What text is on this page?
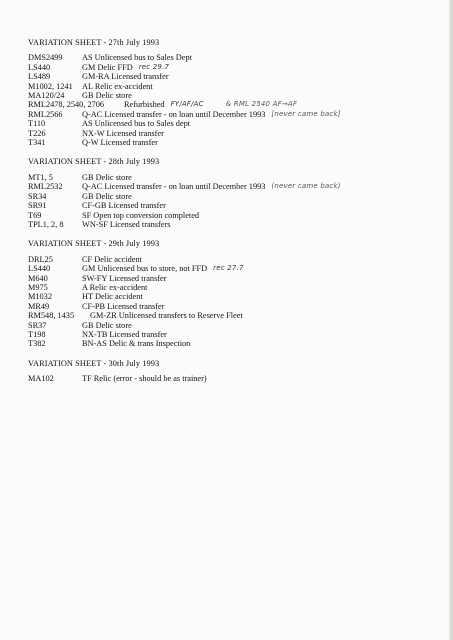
VARIATION SHEET - 27th July 1993
DMS2499	AS Unlicensed bus to Sales Dept
LS440	GM Delic FFD rec 29.7
LS489	GM-RA Licensed transfer
M1002, 1241	AL Relic ex-accident
MA120/24	GB Delic store
RML2478, 2540, 2706	Refurbished FY/AF/AC	& RML 2540 AF→AF
RML2566	Q-AC Licensed transfer - on loan until December 1993 [never came back]
T110	AS Unlicensed bus to Sales dept
T226	NX-W Licensed transfer
T341	Q-W Licensed transfer
VARIATION SHEET - 28th July 1993
MT1, 5	GB Delic store
RML2532	Q-AC Licensed transfer - on loan until December 1993 (never came back)
SR34	GB Delic store
SR91	CF-GB Licensed transfer
T69	SF Open top conversion completed
TPL1, 2, 8	WN-SF Licensed transfers
VARIATION SHEET - 29th July 1993
DRL25	CF Delic accident
LS440	GM Unlicensed bus to store, not FFD rec 27.7
M640	SW-FY Licensed transfer
M975	A Relic ex-accident
M1032	HT Delic accident
MR49	CF-PB Licensed transfer
RM548, 1435	GM-ZR Unlicensed transfers to Reserve Fleet
SR37	GB Delic store
T198	NX-TB Licensed transfer
T382	BN-AS Delic & trans Inspection
VARIATION SHEET - 30th July 1993
MA102	TF Relic (error - should be as trainer)
